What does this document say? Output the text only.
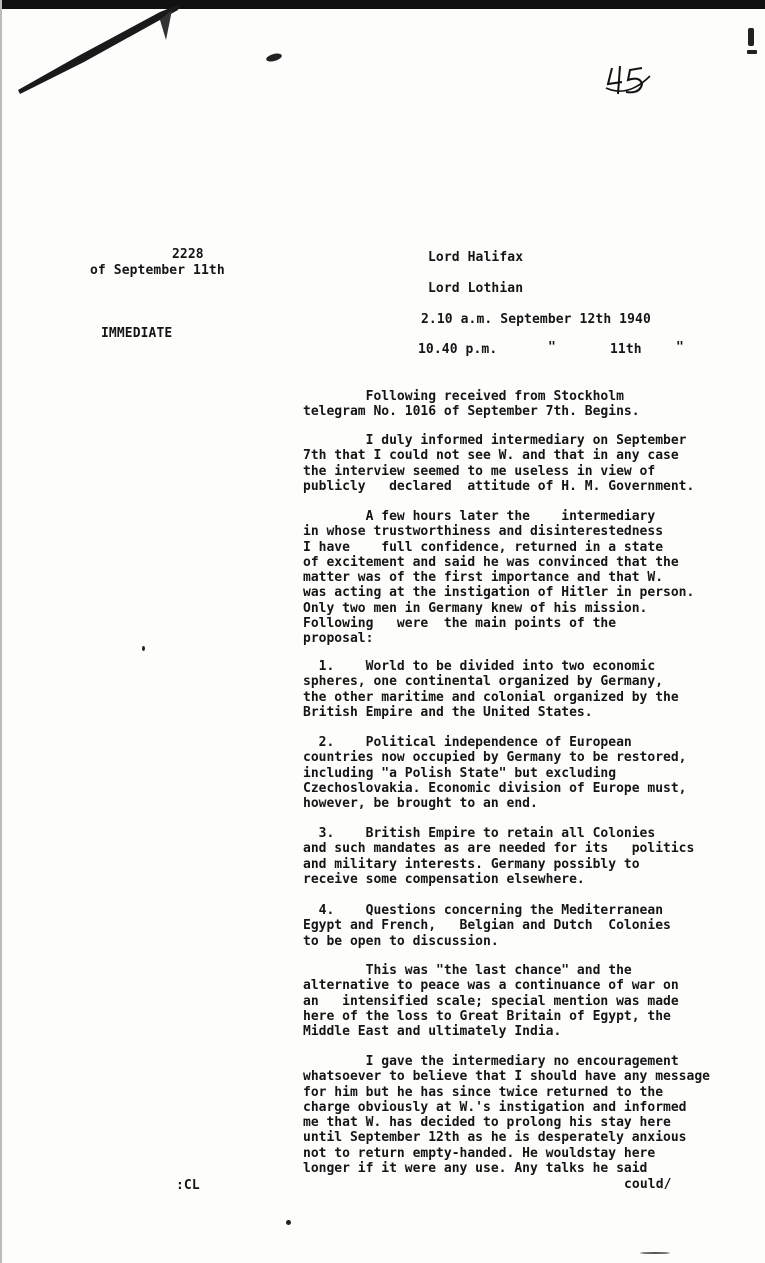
2228
of September 11th
IMMEDIATE
Lord Halifax
Lord Lothian
2.10 a.m. September 12th 1940
10.40 p.m.	"	11th	"
Following received from Stockholm
telegram No. 1016 of September 7th. Begins.
I duly informed intermediary on September
7th that I could not see W. and that in any case
the interview seemed to me useless in view of
publicly   declared  attitude of H. M. Government.
A few hours later the    intermediary
in whose trustworthiness and disinterestedness
I have    full confidence, returned in a state
of excitement and said he was convinced that the
matter was of the first importance and that W.
was acting at the instigation of Hitler in person.
Only two men in Germany knew of his mission.
Following   were  the main points of the
proposal:
1.    World to be divided into two economic
spheres, one continental organized by Germany,
the other maritime and colonial organized by the
British Empire and the United States.
2.    Political independence of European
countries now occupied by Germany to be restored,
including "a Polish State" but excluding
Czechoslovakia. Economic division of Europe must,
however, be brought to an end.
3.    British Empire to retain all Colonies
and such mandates as are needed for its   politics
and military interests. Germany possibly to
receive some compensation elsewhere.
4.    Questions concerning the Mediterranean
Egypt and French,   Belgian and Dutch  Colonies
to be open to discussion.
This was "the last chance" and the
alternative to peace was a continuance of war on
an   intensified scale; special mention was made
here of the loss to Great Britain of Egypt, the
Middle East and ultimately India.
I gave the intermediary no encouragement
whatsoever to believe that I should have any message
for him but he has since twice returned to the
charge obviously at W.'s instigation and informed
me that W. has decided to prolong his stay here
until September 12th as he is desperately anxious
not to return empty-handed. He wouldstay here
longer if it were any use. Any talks he said
:CL	could/
